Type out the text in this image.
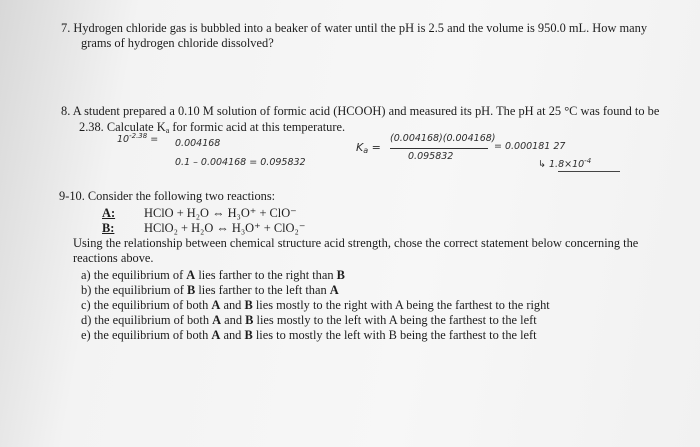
7. Hydrogen chloride gas is bubbled into a beaker of water until the pH is 2.5 and the volume is 950.0 mL. How many
grams of hydrogen chloride dissolved?
8. A student prepared a 0.10 M solution of formic acid (HCOOH) and measured its pH. The pH at 25 °C was found to be
2.38. Calculate $K_a$ for formic acid at this temperature.
$10^{-2.38} = 0.004168$
0.1 – 0.004168 = 0.095832
$K_a$ =
(0.004168)(0.004168)
0.095832
= 0.000181 27
↳ $1.8\times 10^{-4}$
9-10. Consider the following two reactions:
A: HClO + H₂O ⇔ H₃O⁺ + ClO⁻
B: HClO₂ + H₂O ⇔ H₃O⁺ + ClO₂⁻
Using the relationship between chemical structure acid strength, chose the correct statement below concerning the
reactions above.
a) the equilibrium of A lies farther to the right than B
b) the equilibrium of B lies farther to the left than A
c) the equilibrium of both A and B lies mostly to the right with A being the farthest to the right
d) the equilibrium of both A and B lies mostly to the left with A being the farthest to the left
e) the equilibrium of both A and B lies to mostly the left with B being the farthest to the left
